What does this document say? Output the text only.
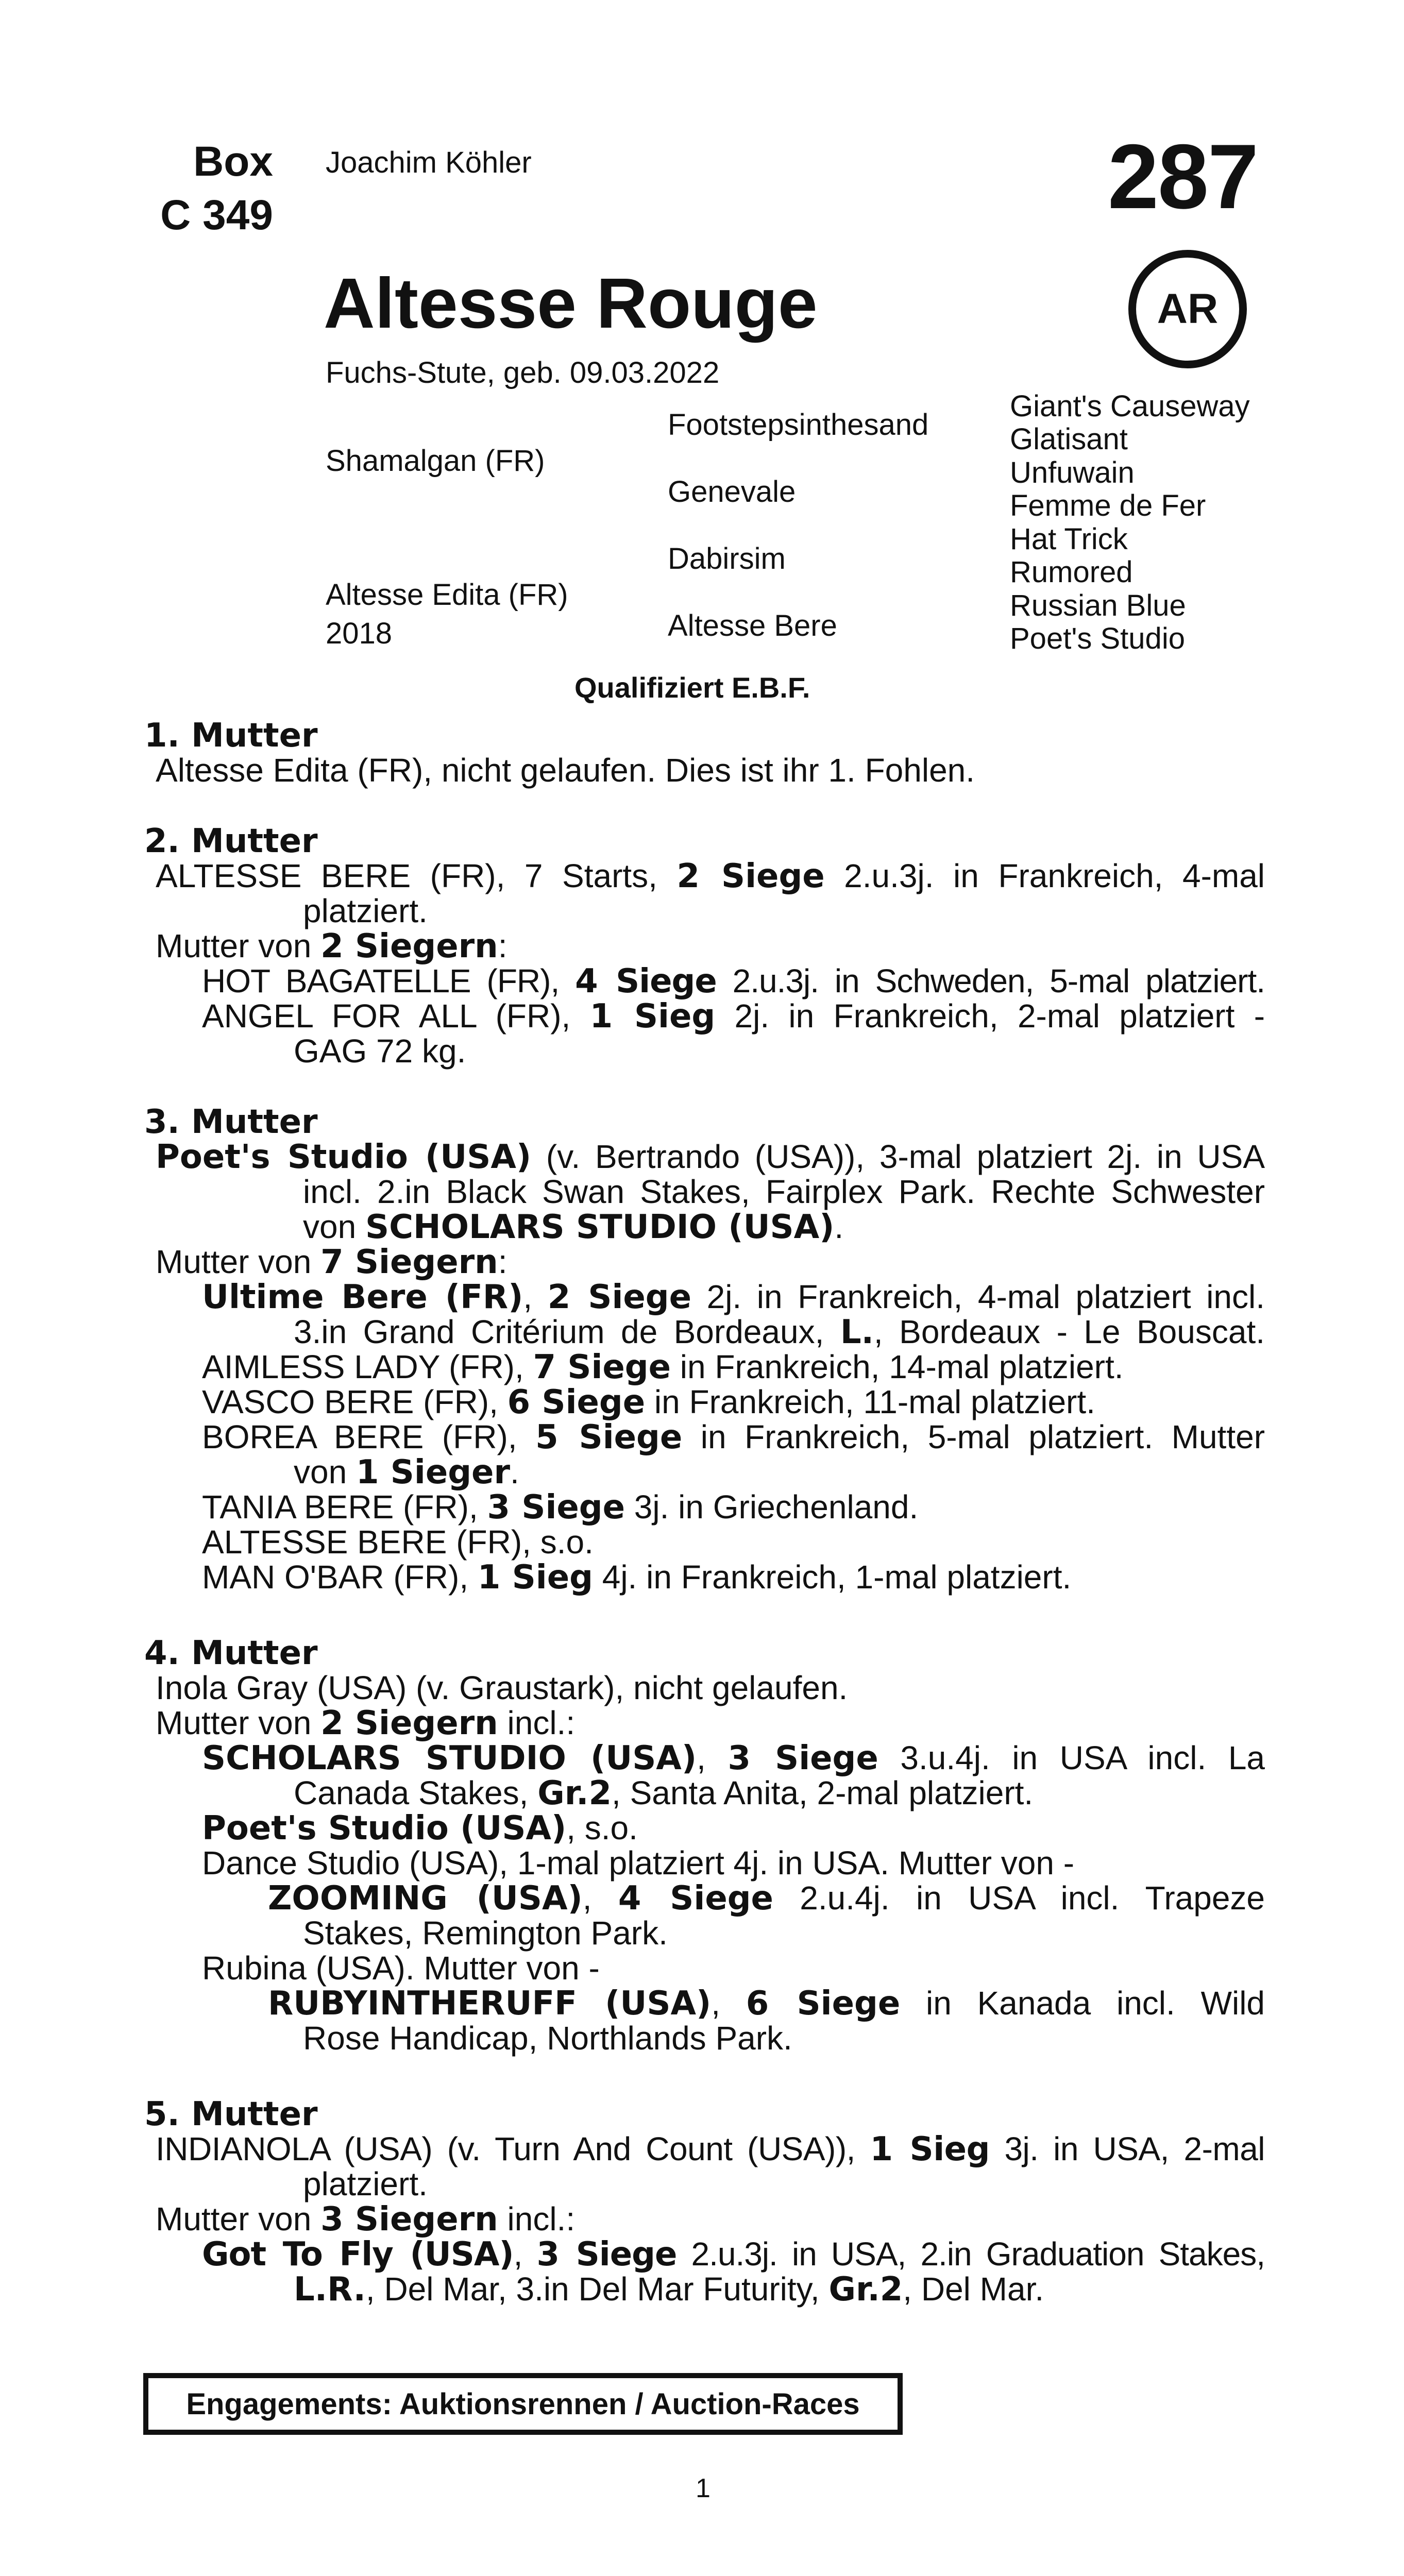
Box
C 349
Joachim Köhler	287
AR
Altesse Rouge
Fuchs-Stute, geb. 09.03.2022
Shamalgan (FR)
Altesse Edita (FR)
2018
Footstepsinthesand
Genevale
Dabirsim
Altesse Bere
Giant's Causeway
Glatisant
Unfuwain
Femme de Fer
Hat Trick
Rumored
Russian Blue
Poet's Studio
Qualifiziert E.B.F.
1. Mutter
Altesse Edita (FR), nicht gelaufen. Dies ist ihr 1. Fohlen.
2. Mutter
ALTESSE BERE (FR), 7 Starts, 2 Siege 2.u.3j. in Frankreich, 4-mal
platziert.
Mutter von 2 Siegern:
HOT BAGATELLE (FR), 4 Siege 2.u.3j. in Schweden, 5-mal platziert.
ANGEL FOR ALL (FR), 1 Sieg 2j. in Frankreich, 2-mal platziert -
GAG 72 kg.
3. Mutter
Poet's Studio (USA) (v. Bertrando (USA)), 3-mal platziert 2j. in USA
incl. 2.in Black Swan Stakes, Fairplex Park. Rechte Schwester
von SCHOLARS STUDIO (USA).
Mutter von 7 Siegern:
Ultime Bere (FR), 2 Siege 2j. in Frankreich, 4-mal platziert incl.
3.in Grand Critérium de Bordeaux, L., Bordeaux - Le Bouscat.
AIMLESS LADY (FR), 7 Siege in Frankreich, 14-mal platziert.
VASCO BERE (FR), 6 Siege in Frankreich, 11-mal platziert.
BOREA BERE (FR), 5 Siege in Frankreich, 5-mal platziert. Mutter
von 1 Sieger.
TANIA BERE (FR), 3 Siege 3j. in Griechenland.
ALTESSE BERE (FR), s.o.
MAN O'BAR (FR), 1 Sieg 4j. in Frankreich, 1-mal platziert.
4. Mutter
Inola Gray (USA) (v. Graustark), nicht gelaufen.
Mutter von 2 Siegern incl.:
SCHOLARS STUDIO (USA), 3 Siege 3.u.4j. in USA incl. La
Canada Stakes, Gr.2, Santa Anita, 2-mal platziert.
Poet's Studio (USA), s.o.
Dance Studio (USA), 1-mal platziert 4j. in USA. Mutter von -
ZOOMING (USA), 4 Siege 2.u.4j. in USA incl. Trapeze
Stakes, Remington Park.
Rubina (USA). Mutter von -
RUBYINTHERUFF (USA), 6 Siege in Kanada incl. Wild
Rose Handicap, Northlands Park.
5. Mutter
INDIANOLA (USA) (v. Turn And Count (USA)), 1 Sieg 3j. in USA, 2-mal
platziert.
Mutter von 3 Siegern incl.:
Got To Fly (USA), 3 Siege 2.u.3j. in USA, 2.in Graduation Stakes,
L.R., Del Mar, 3.in Del Mar Futurity, Gr.2, Del Mar.
Engagements: Auktionsrennen / Auction-Races
1
